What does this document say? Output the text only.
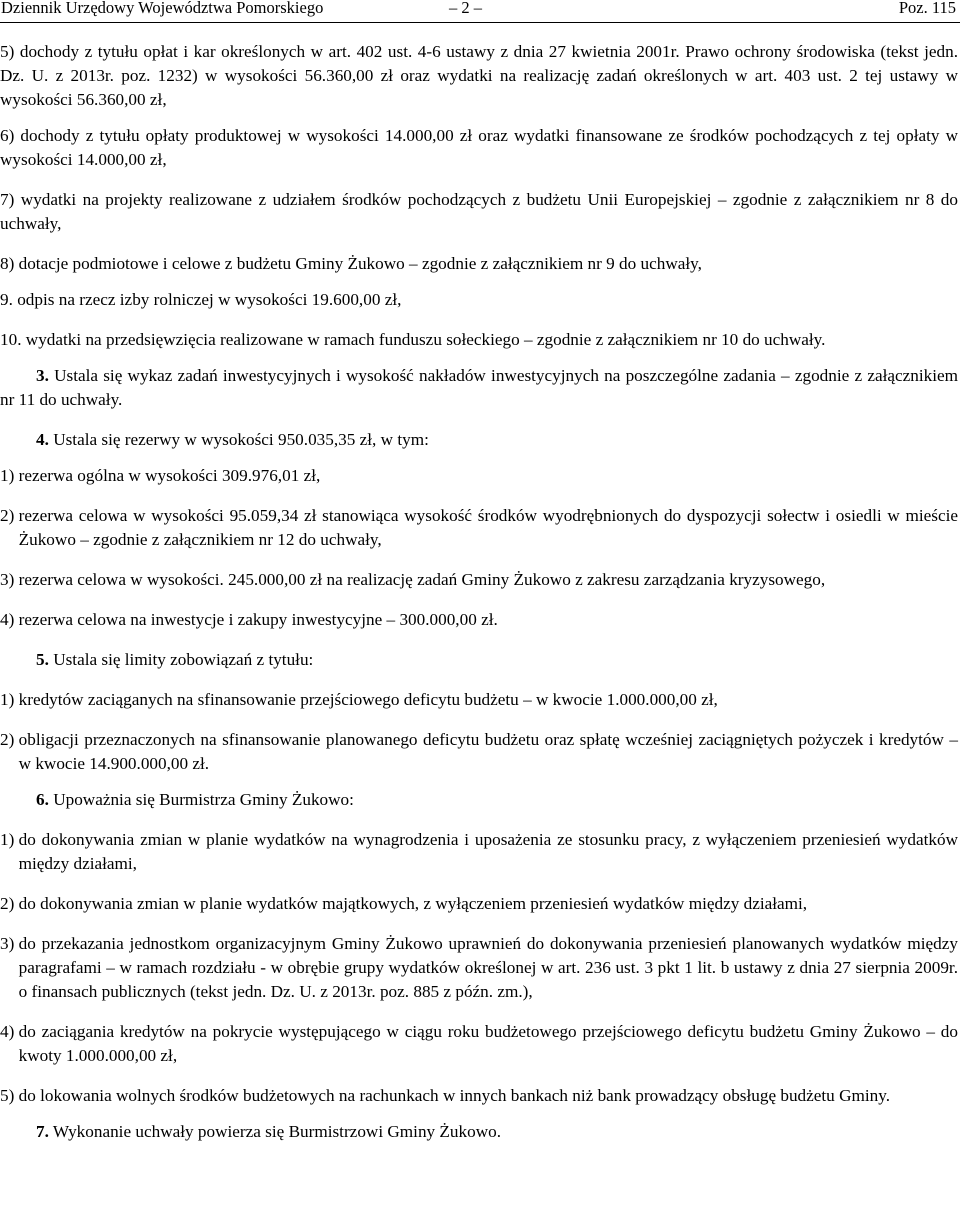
Dziennik Urzędowy Województwa Pomorskiego	– 2 –	Poz. 115

5) dochody z tytułu opłat i kar określonych w art. 402 ust. 4-6 ustawy z dnia 27 kwietnia 2001r. Prawo ochrony środowiska (tekst jedn. Dz. U. z 2013r. poz. 1232) w wysokości 56.360,00 zł oraz wydatki na realizację zadań określonych w art. 403 ust. 2 tej ustawy w wysokości 56.360,00 zł,

6) dochody z tytułu opłaty produktowej w wysokości 14.000,00 zł oraz wydatki finansowane ze środków pochodzących z tej opłaty w wysokości 14.000,00 zł,

7) wydatki na projekty realizowane z udziałem środków pochodzących z budżetu Unii Europejskiej – zgodnie z załącznikiem nr 8 do uchwały,

8) dotacje podmiotowe i celowe z budżetu Gminy Żukowo – zgodnie z załącznikiem nr 9 do uchwały,

9. odpis na rzecz izby rolniczej w wysokości 19.600,00 zł,

10. wydatki na przedsięwzięcia realizowane w ramach funduszu sołeckiego – zgodnie z załącznikiem nr 10 do uchwały.

3. Ustala się wykaz zadań inwestycyjnych i wysokość nakładów inwestycyjnych na poszczególne zadania – zgodnie z załącznikiem nr 11 do uchwały.

4. Ustala się rezerwy w wysokości 950.035,35 zł, w tym:

1) rezerwa ogólna w wysokości 309.976,01 zł,
2) rezerwa celowa w wysokości 95.059,34 zł stanowiąca wysokość środków wyodrębnionych do dyspozycji sołectw i osiedli w mieście Żukowo – zgodnie z załącznikiem nr 12 do uchwały,
3) rezerwa celowa w wysokości. 245.000,00 zł na realizację zadań Gminy Żukowo z zakresu zarządzania kryzysowego,
4) rezerwa celowa na inwestycje i zakupy inwestycyjne – 300.000,00 zł.

5. Ustala się limity zobowiązań z tytułu:

1) kredytów zaciąganych na sfinansowanie przejściowego deficytu budżetu – w kwocie 1.000.000,00 zł,
2) obligacji przeznaczonych na sfinansowanie planowanego deficytu budżetu oraz spłatę wcześniej zaciągniętych pożyczek i kredytów – w kwocie 14.900.000,00 zł.

6. Upoważnia się Burmistrza Gminy Żukowo:

1) do dokonywania zmian w planie wydatków na wynagrodzenia i uposażenia ze stosunku pracy, z wyłączeniem przeniesień wydatków między działami,
2) do dokonywania zmian w planie wydatków majątkowych, z wyłączeniem przeniesień wydatków między działami,
3) do przekazania jednostkom organizacyjnym Gminy Żukowo uprawnień do dokonywania przeniesień planowanych wydatków między paragrafami – w ramach rozdziału - w obrębie grupy wydatków określonej w art. 236 ust. 3 pkt 1 lit. b ustawy z dnia 27 sierpnia 2009r. o finansach publicznych (tekst jedn. Dz. U. z 2013r. poz. 885 z późn. zm.),
4) do zaciągania kredytów na pokrycie występującego w ciągu roku budżetowego przejściowego deficytu budżetu Gminy Żukowo – do kwoty 1.000.000,00 zł,
5) do lokowania wolnych środków budżetowych na rachunkach w innych bankach niż bank prowadzący obsługę budżetu Gminy.

7. Wykonanie uchwały powierza się Burmistrzowi Gminy Żukowo.
